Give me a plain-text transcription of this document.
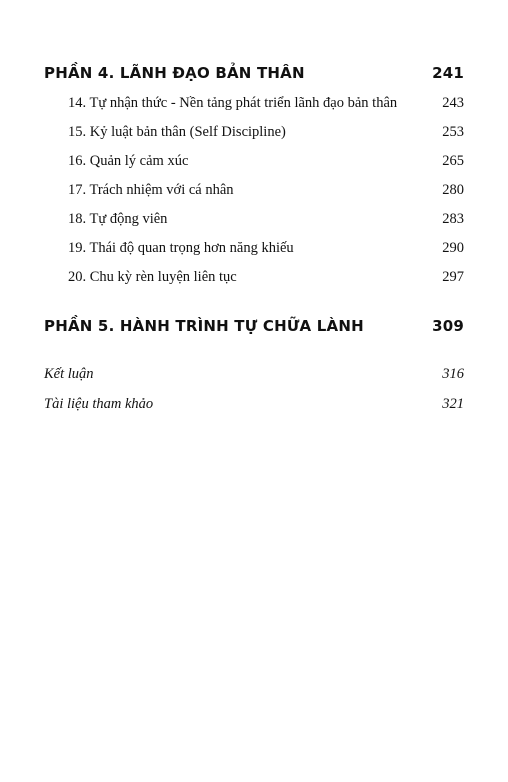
PHẦN 4. LÃNH ĐẠO BẢN THÂN	241
14. Tự nhận thức - Nền tảng phát triển lãnh đạo bản thân	243
15. Kỷ luật bản thân (Self Discipline)	253
16. Quản lý cảm xúc	265
17. Trách nhiệm với cá nhân	280
18. Tự động viên	283
19. Thái độ quan trọng hơn năng khiếu	290
20. Chu kỳ rèn luyện liên tục	297
PHẦN 5. HÀNH TRÌNH TỰ CHỮA LÀNH	309
Kết luận	316
Tài liệu tham khảo	321
